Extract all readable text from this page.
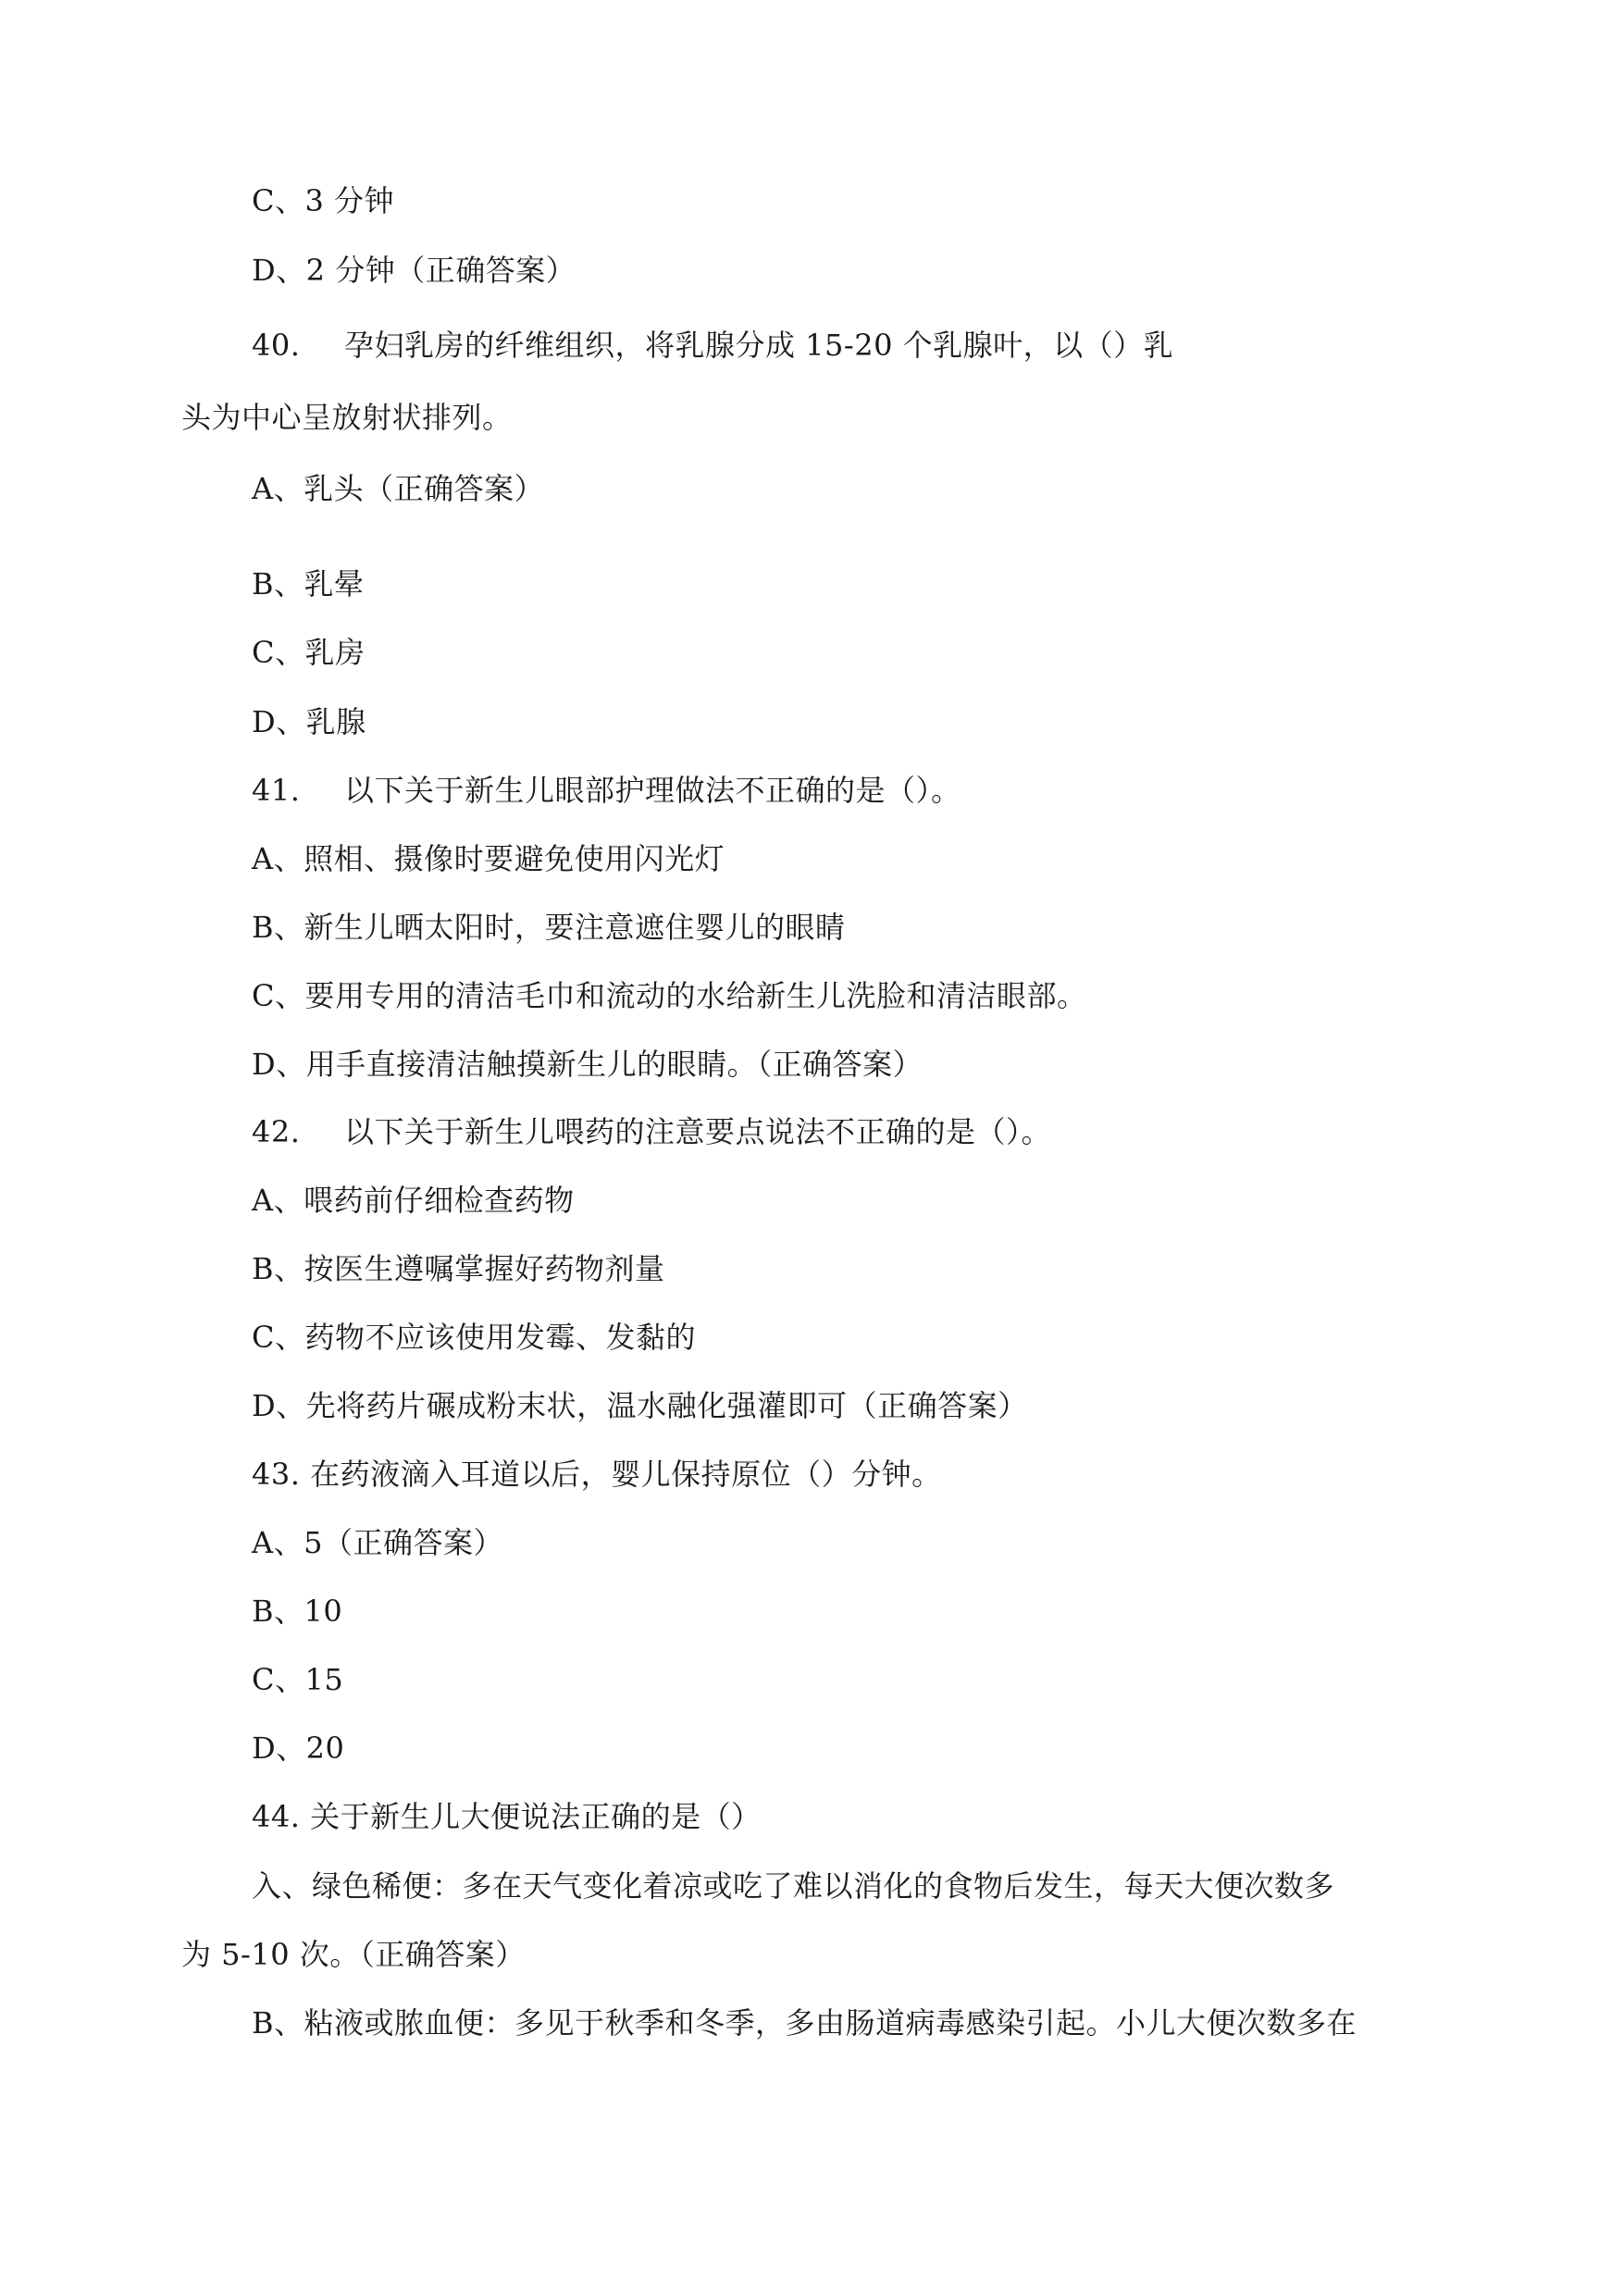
C、3 分钟
D、2 分钟（正确答案）
40. 孕妇乳房的纤维组织，将乳腺分成 15-20 个乳腺叶，以（）乳
头为中心呈放射状排列。
A、乳头（正确答案）
B、乳晕
C、乳房
D、乳腺
41. 以下关于新生儿眼部护理做法不正确的是（）。
A、照相、摄像时要避免使用闪光灯
B、新生儿晒太阳时，要注意遮住婴儿的眼睛
C、要用专用的清洁毛巾和流动的水给新生儿洗脸和清洁眼部。
D、用手直接清洁触摸新生儿的眼睛。（正确答案）
42. 以下关于新生儿喂药的注意要点说法不正确的是（）。
A、喂药前仔细检查药物
B、按医生遵嘱掌握好药物剂量
C、药物不应该使用发霉、发黏的
D、先将药片碾成粉末状，温水融化强灌即可（正确答案）
43. 在药液滴入耳道以后，婴儿保持原位（）分钟。
A、5（正确答案）
B、10
C、15
D、20
44. 关于新生儿大便说法正确的是（）
入、绿色稀便：多在天气变化着凉或吃了难以消化的食物后发生，每天大便次数多
为 5-10 次。（正确答案）
B、粘液或脓血便：多见于秋季和冬季，多由肠道病毒感染引起。小儿大便次数多在
